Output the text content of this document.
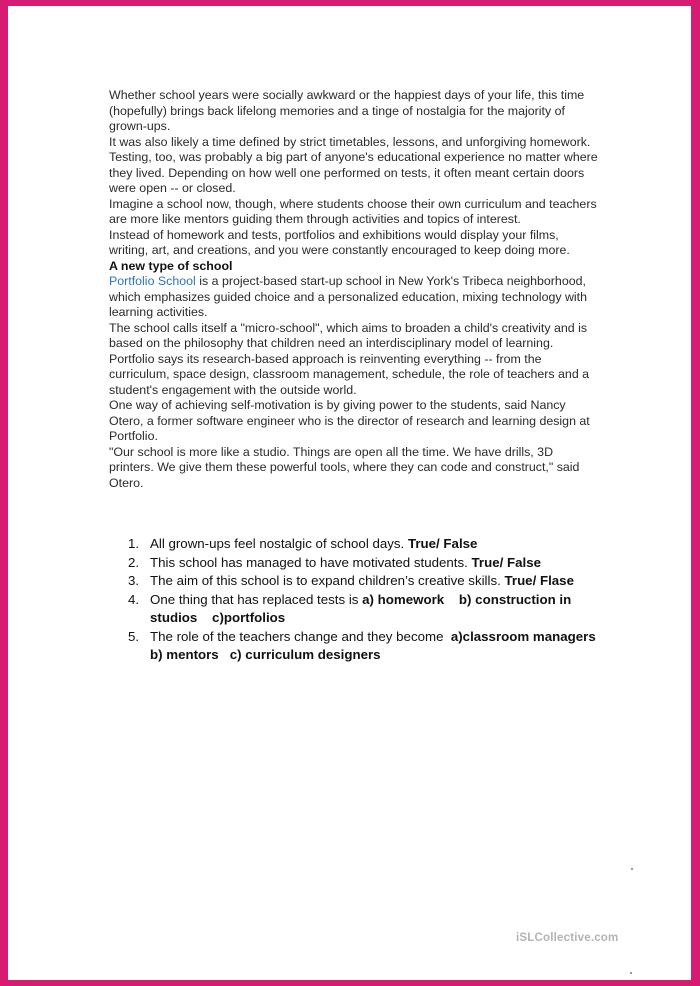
Whether school years were socially awkward or the happiest days of your life, this time (hopefully) brings back lifelong memories and a tinge of nostalgia for the majority of grown-ups.

It was also likely a time defined by strict timetables, lessons, and unforgiving homework.

Testing, too, was probably a big part of anyone's educational experience no matter where they lived. Depending on how well one performed on tests, it often meant certain doors were open -- or closed.

Imagine a school now, though, where students choose their own curriculum and teachers are more like mentors guiding them through activities and topics of interest.

Instead of homework and tests, portfolios and exhibitions would display your films, writing, art, and creations, and you were constantly encouraged to keep doing more.

A new type of school

Portfolio School is a project-based start-up school in New York's Tribeca neighborhood, which emphasizes guided choice and a personalized education, mixing technology with learning activities.

The school calls itself a "micro-school", which aims to broaden a child's creativity and is based on the philosophy that children need an interdisciplinary model of learning.

Portfolio says its research-based approach is reinventing everything -- from the curriculum, space design, classroom management, schedule, the role of teachers and a student's engagement with the outside world.

One way of achieving self-motivation is by giving power to the students, said Nancy Otero, a former software engineer who is the director of research and learning design at Portfolio.

"Our school is more like a studio. Things are open all the time. We have drills, 3D printers. We give them these powerful tools, where they can code and construct," said Otero.

1. All grown-ups feel nostalgic of school days. True/ False
2. This school has managed to have motivated students. True/ False
3. The aim of this school is to expand children’s creative skills. True/ Flase
4. One thing that has replaced tests is a) homework    b) construction in studios    c)portfolios
5. The role of the teachers change and they become  a)classroom managers    b) mentors   c) curriculum designers
iSLCollective.com
